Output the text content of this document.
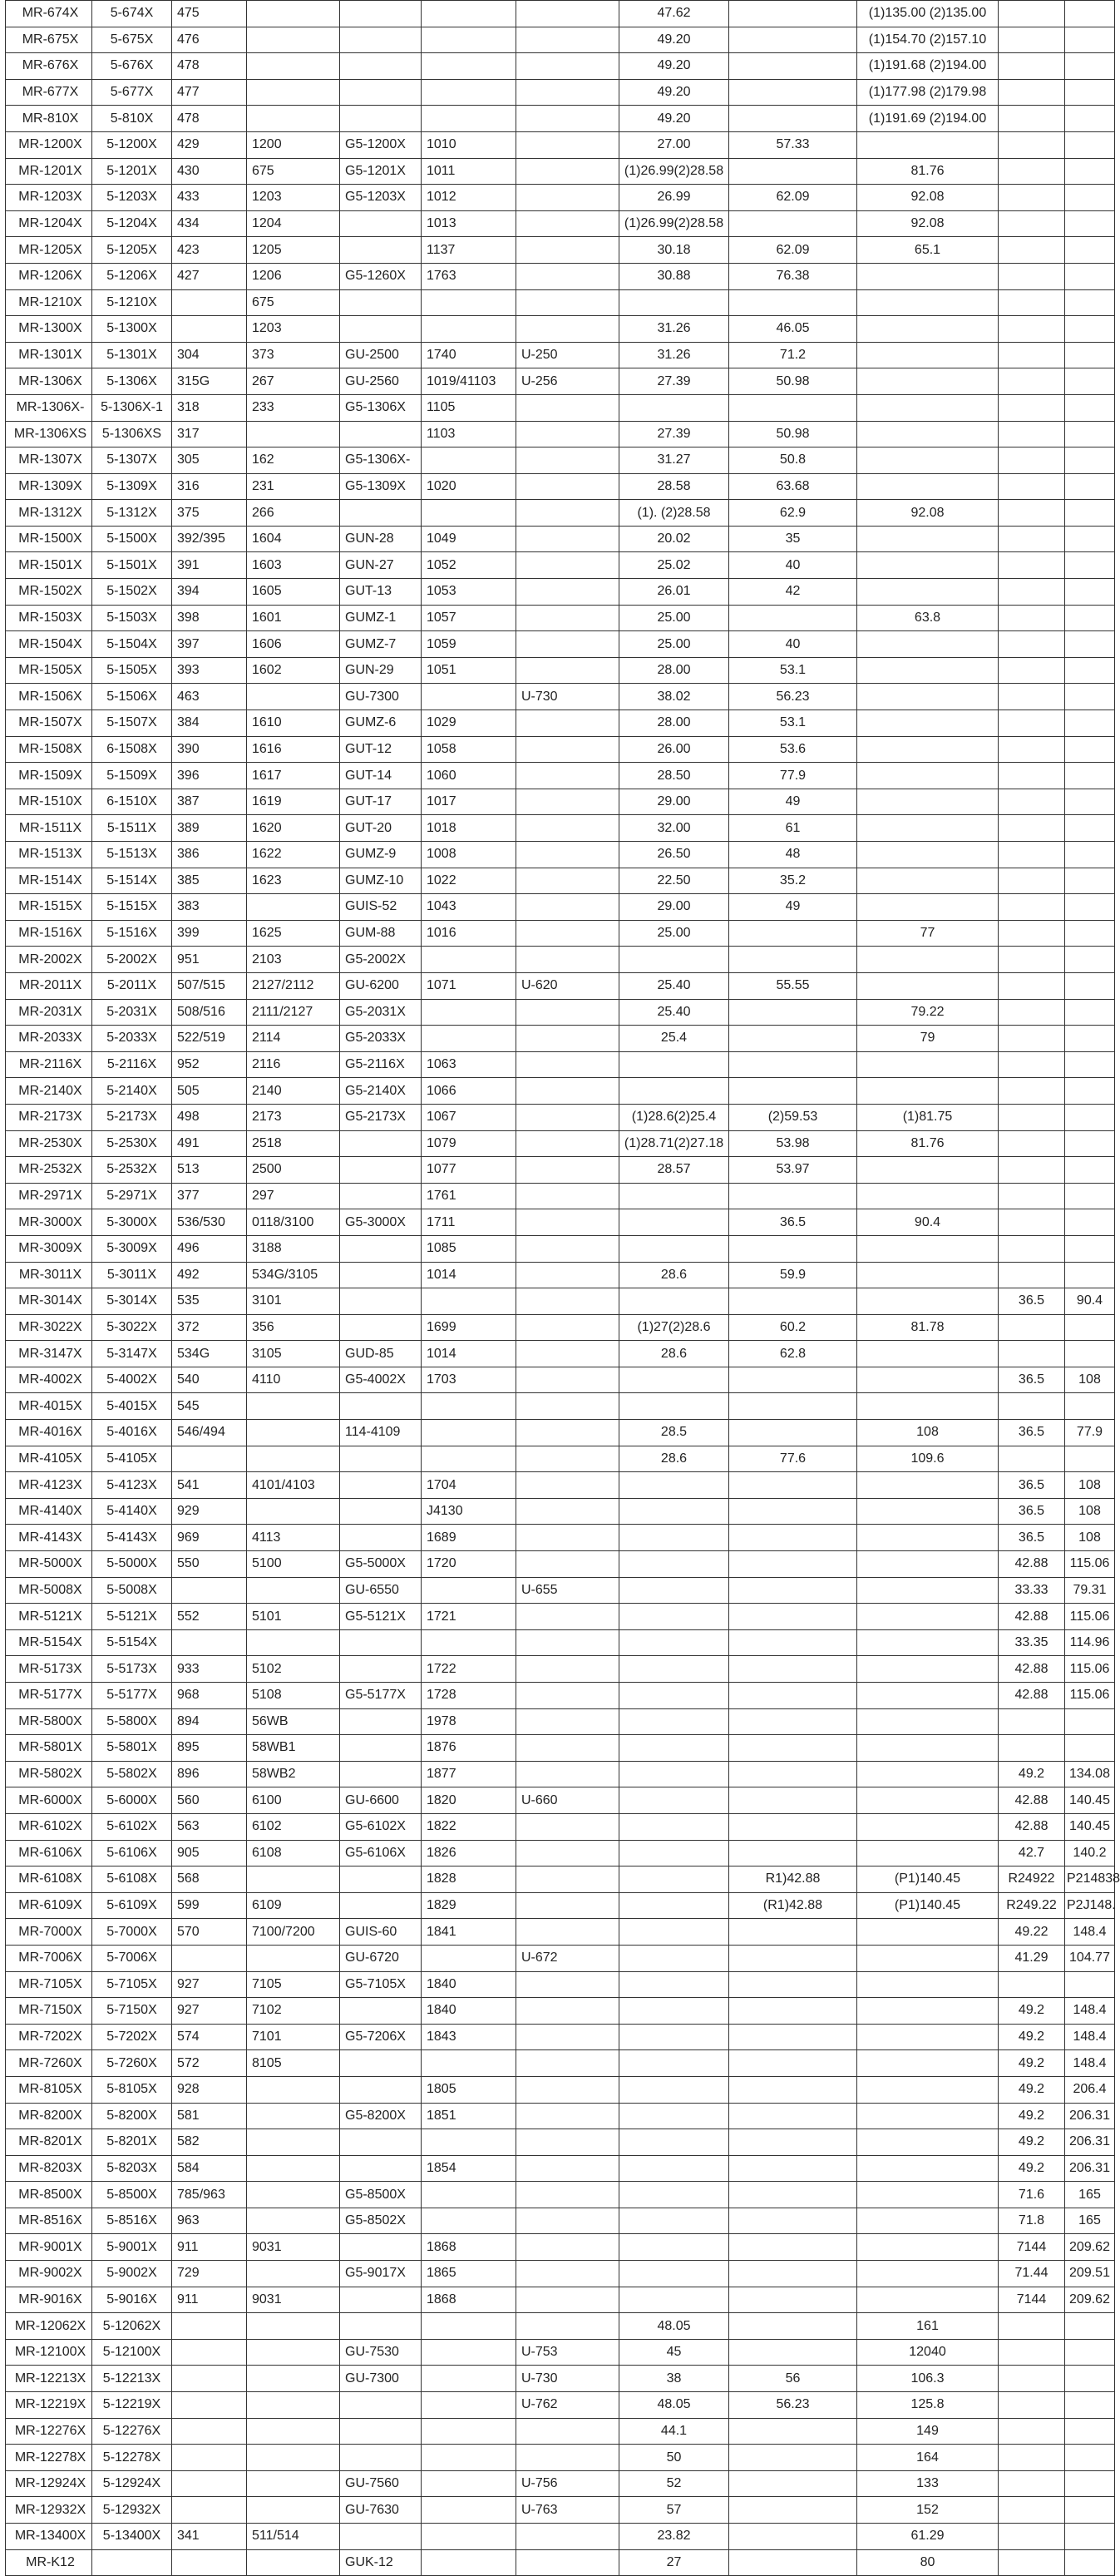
MR-674X	5-674X	475					47.62		(1)135.00 (2)135.00		
MR-675X	5-675X	476					49.20		(1)154.70 (2)157.10		
MR-676X	5-676X	478					49.20		(1)191.68 (2)194.00		
MR-677X	5-677X	477					49.20		(1)177.98 (2)179.98		
MR-810X	5-810X	478					49.20		(1)191.69 (2)194.00		
MR-1200X	5-1200X	429	1200	G5-1200X	1010		27.00	57.33			
MR-1201X	5-1201X	430	675	G5-1201X	1011		(1)26.99(2)28.58		81.76		
MR-1203X	5-1203X	433	1203	G5-1203X	1012		26.99	62.09	92.08		
MR-1204X	5-1204X	434	1204		1013		(1)26.99(2)28.58		92.08		
MR-1205X	5-1205X	423	1205		1137		30.18	62.09	65.1		
MR-1206X	5-1206X	427	1206	G5-1260X	1763		30.88	76.38			
MR-1210X	5-1210X		675								
MR-1300X	5-1300X		1203				31.26	46.05			
MR-1301X	5-1301X	304	373	GU-2500	1740	U-250	31.26	71.2			
MR-1306X	5-1306X	315G	267	GU-2560	1019/41103	U-256	27.39	50.98			
MR-1306X-	5-1306X-1	318	233	G5-1306X	1105						
MR-1306XS	5-1306XS	317			1103		27.39	50.98			
MR-1307X	5-1307X	305	162	G5-1306X-			31.27	50.8			
MR-1309X	5-1309X	316	231	G5-1309X	1020		28.58	63.68			
MR-1312X	5-1312X	375	266				(1). (2)28.58	62.9	92.08		
MR-1500X	5-1500X	392/395	1604	GUN-28	1049		20.02	35			
MR-1501X	5-1501X	391	1603	GUN-27	1052		25.02	40			
MR-1502X	5-1502X	394	1605	GUT-13	1053		26.01	42			
MR-1503X	5-1503X	398	1601	GUMZ-1	1057		25.00		63.8		
MR-1504X	5-1504X	397	1606	GUMZ-7	1059		25.00	40			
MR-1505X	5-1505X	393	1602	GUN-29	1051		28.00	53.1			
MR-1506X	5-1506X	463		GU-7300		U-730	38.02	56.23			
MR-1507X	5-1507X	384	1610	GUMZ-6	1029		28.00	53.1			
MR-1508X	6-1508X	390	1616	GUT-12	1058		26.00	53.6			
MR-1509X	5-1509X	396	1617	GUT-14	1060		28.50	77.9			
MR-1510X	6-1510X	387	1619	GUT-17	1017		29.00	49			
MR-1511X	5-1511X	389	1620	GUT-20	1018		32.00	61			
MR-1513X	5-1513X	386	1622	GUMZ-9	1008		26.50	48			
MR-1514X	5-1514X	385	1623	GUMZ-10	1022		22.50	35.2			
MR-1515X	5-1515X	383		GUIS-52	1043		29.00	49			
MR-1516X	5-1516X	399	1625	GUM-88	1016		25.00		77		
MR-2002X	5-2002X	951	2103	G5-2002X							
MR-2011X	5-2011X	507/515	2127/2112	GU-6200	1071	U-620	25.40	55.55			
MR-2031X	5-2031X	508/516	2111/2127	G5-2031X			25.40		79.22		
MR-2033X	5-2033X	522/519	2114	G5-2033X			25.4		79		
MR-2116X	5-2116X	952	2116	G5-2116X	1063						
MR-2140X	5-2140X	505	2140	G5-2140X	1066						
MR-2173X	5-2173X	498	2173	G5-2173X	1067		(1)28.6(2)25.4	(2)59.53	(1)81.75		
MR-2530X	5-2530X	491	2518		1079		(1)28.71(2)27.18	53.98	81.76		
MR-2532X	5-2532X	513	2500		1077		28.57	53.97			
MR-2971X	5-2971X	377	297		1761						
MR-3000X	5-3000X	536/530	0118/3100	G5-3000X	1711			36.5	90.4		
MR-3009X	5-3009X	496	3188		1085						
MR-3011X	5-3011X	492	534G/3105		1014		28.6	59.9			
MR-3014X	5-3014X	535	3101							36.5	90.4
MR-3022X	5-3022X	372	356		1699		(1)27(2)28.6	60.2	81.78		
MR-3147X	5-3147X	534G	3105	GUD-85	1014		28.6	62.8			
MR-4002X	5-4002X	540	4110	G5-4002X	1703					36.5	108
MR-4015X	5-4015X	545									
MR-4016X	5-4016X	546/494		114-4109			28.5		108	36.5	77.9
MR-4105X	5-4105X						28.6	77.6	109.6		
MR-4123X	5-4123X	541	4101/4103		1704					36.5	108
MR-4140X	5-4140X	929			J4130					36.5	108
MR-4143X	5-4143X	969	4113		1689					36.5	108
MR-5000X	5-5000X	550	5100	G5-5000X	1720					42.88	115.06
MR-5008X	5-5008X			GU-6550		U-655				33.33	79.31
MR-5121X	5-5121X	552	5101	G5-5121X	1721					42.88	115.06
MR-5154X	5-5154X									33.35	114.96
MR-5173X	5-5173X	933	5102		1722					42.88	115.06
MR-5177X	5-5177X	968	5108	G5-5177X	1728					42.88	115.06
MR-5800X	5-5800X	894	56WB		1978						
MR-5801X	5-5801X	895	58WB1		1876						
MR-5802X	5-5802X	896	58WB2		1877					49.2	134.08
MR-6000X	5-6000X	560	6100	GU-6600	1820	U-660				42.88	140.45
MR-6102X	5-6102X	563	6102	G5-6102X	1822					42.88	140.45
MR-6106X	5-6106X	905	6108	G5-6106X	1826					42.7	140.2
MR-6108X	5-6108X	568			1828			R1)42.88	(P1)140.45	R24922	P214838
MR-6109X	5-6109X	599	6109		1829			(R1)42.88	(P1)140.45	R249.22	P2J148.
MR-7000X	5-7000X	570	7100/7200	GUIS-60	1841					49.22	148.4
MR-7006X	5-7006X			GU-6720		U-672				41.29	104.77
MR-7105X	5-7105X	927	7105	G5-7105X	1840						
MR-7150X	5-7150X	927	7102		1840					49.2	148.4
MR-7202X	5-7202X	574	7101	G5-7206X	1843					49.2	148.4
MR-7260X	5-7260X	572	8105							49.2	148.4
MR-8105X	5-8105X	928			1805					49.2	206.4
MR-8200X	5-8200X	581		G5-8200X	1851					49.2	206.31
MR-8201X	5-8201X	582								49.2	206.31
MR-8203X	5-8203X	584			1854					49.2	206.31
MR-8500X	5-8500X	785/963		G5-8500X						71.6	165
MR-8516X	5-8516X	963		G5-8502X						71.8	165
MR-9001X	5-9001X	911	9031		1868					7144	209.62
MR-9002X	5-9002X	729		G5-9017X	1865					71.44	209.51
MR-9016X	5-9016X	911	9031		1868					7144	209.62
MR-12062X	5-12062X						48.05		161		
MR-12100X	5-12100X			GU-7530		U-753	45		12040		
MR-12213X	5-12213X			GU-7300		U-730	38	56	106.3		
MR-12219X	5-12219X					U-762	48.05	56.23	125.8		
MR-12276X	5-12276X						44.1		149		
MR-12278X	5-12278X						50		164		
MR-12924X	5-12924X			GU-7560		U-756	52		133		
MR-12932X	5-12932X			GU-7630		U-763	57		152		
MR-13400X	5-13400X	341	511/514				23.82		61.29		
MR-K12				GUK-12			27		80		
